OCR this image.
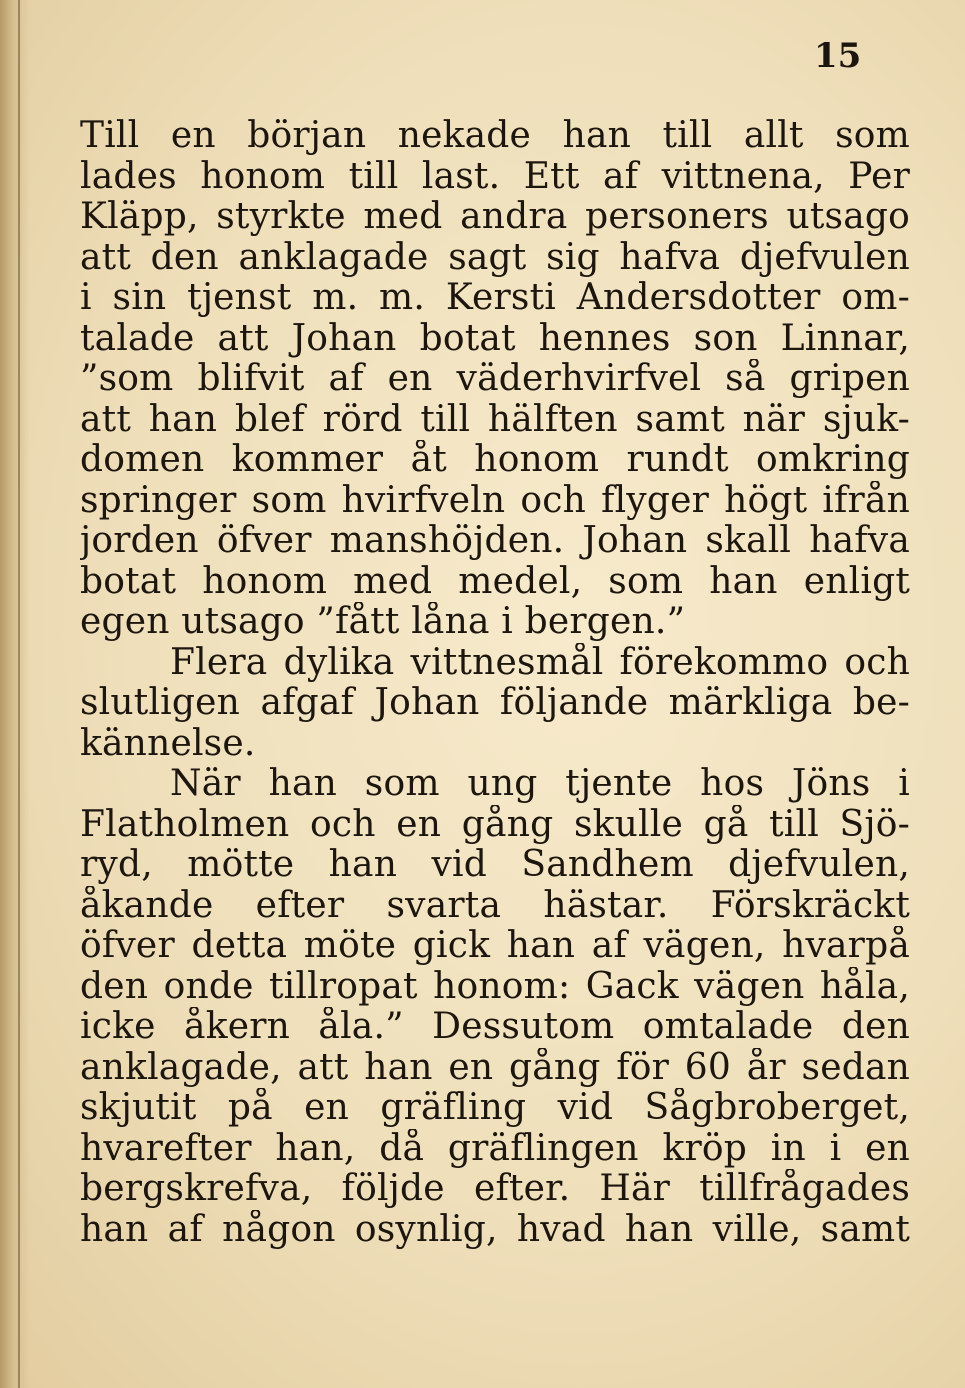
15
Till en början nekade han till allt som
lades honom till last. Ett af vittnena, Per
Kläpp, styrkte med andra personers utsago
att den anklagade sagt sig hafva djefvulen
i sin tjenst m. m. Kersti Andersdotter om-
talade att Johan botat hennes son Linnar,
”som blifvit af en väderhvirfvel så gripen
att han blef rörd till hälften samt när sjuk-
domen kommer åt honom rundt omkring
springer som hvirfveln och flyger högt ifrån
jorden öfver manshöjden. Johan skall hafva
botat honom med medel, som han enligt
egen utsago ”fått låna i bergen.”
Flera dylika vittnesmål förekommo och
slutligen afgaf Johan följande märkliga be-
kännelse.
När han som ung tjente hos Jöns i
Flatholmen och en gång skulle gå till Sjö-
ryd, mötte han vid Sandhem djefvulen,
åkande efter svarta hästar. Förskräckt
öfver detta möte gick han af vägen, hvarpå
den onde tillropat honom: Gack vägen håla,
icke åkern åla.” Dessutom omtalade den
anklagade, att han en gång för 60 år sedan
skjutit på en gräfling vid Sågbroberget,
hvarefter han, då gräflingen kröp in i en
bergskrefva, följde efter. Här tillfrågades
han af någon osynlig, hvad han ville, samt
